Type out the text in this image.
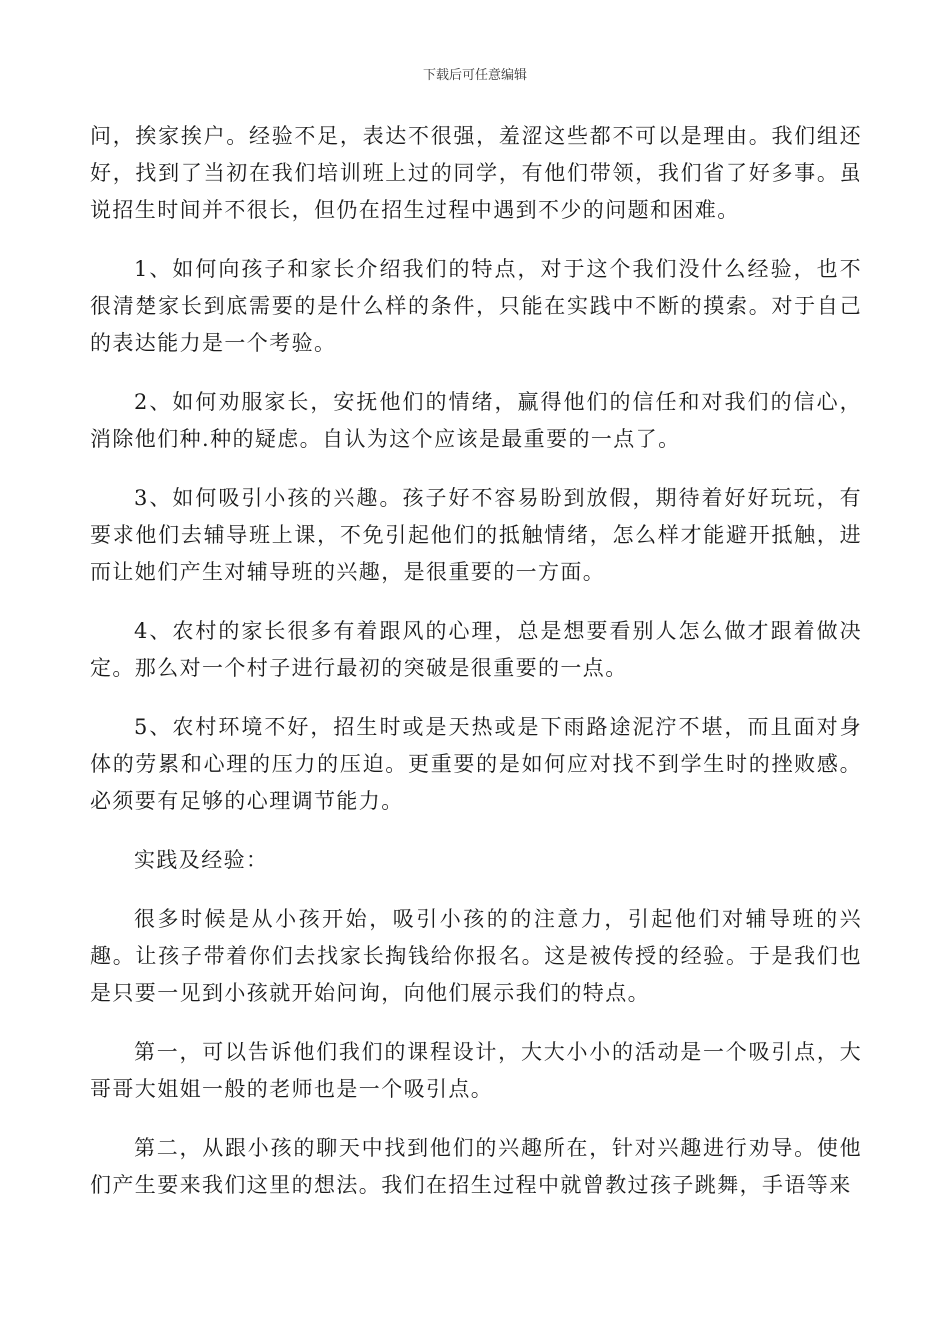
下载后可任意编辑

问，挨家挨户。经验不足，表达不很强，羞涩这些都不可以是理由。我们组还好，找到了当初在我们培训班上过的同学，有他们带领，我们省了好多事。虽说招生时间并不很长，但仍在招生过程中遇到不少的问题和困难。

1、如何向孩子和家长介绍我们的特点，对于这个我们没什么经验，也不很清楚家长到底需要的是什么样的条件，只能在实践中不断的摸索。对于自己的表达能力是一个考验。

2、如何劝服家长，安抚他们的情绪，赢得他们的信任和对我们的信心，消除他们种.种的疑虑。自认为这个应该是最重要的一点了。

3、如何吸引小孩的兴趣。孩子好不容易盼到放假，期待着好好玩玩，有要求他们去辅导班上课，不免引起他们的抵触情绪，怎么样才能避开抵触，进而让她们产生对辅导班的兴趣，是很重要的一方面。

4、农村的家长很多有着跟风的心理，总是想要看别人怎么做才跟着做决定。那么对一个村子进行最初的突破是很重要的一点。

5、农村环境不好，招生时或是天热或是下雨路途泥泞不堪，而且面对身体的劳累和心理的压力的压迫。更重要的是如何应对找不到学生时的挫败感。必须要有足够的心理调节能力。

实践及经验：

很多时候是从小孩开始，吸引小孩的的注意力，引起他们对辅导班的兴趣。让孩子带着你们去找家长掏钱给你报名。这是被传授的经验。于是我们也是只要一见到小孩就开始问询，向他们展示我们的特点。

第一，可以告诉他们我们的课程设计，大大小小的活动是一个吸引点，大哥哥大姐姐一般的老师也是一个吸引点。

第二，从跟小孩的聊天中找到他们的兴趣所在，针对兴趣进行劝导。使他们产生要来我们这里的想法。我们在招生过程中就曾教过孩子跳舞，手语等来
